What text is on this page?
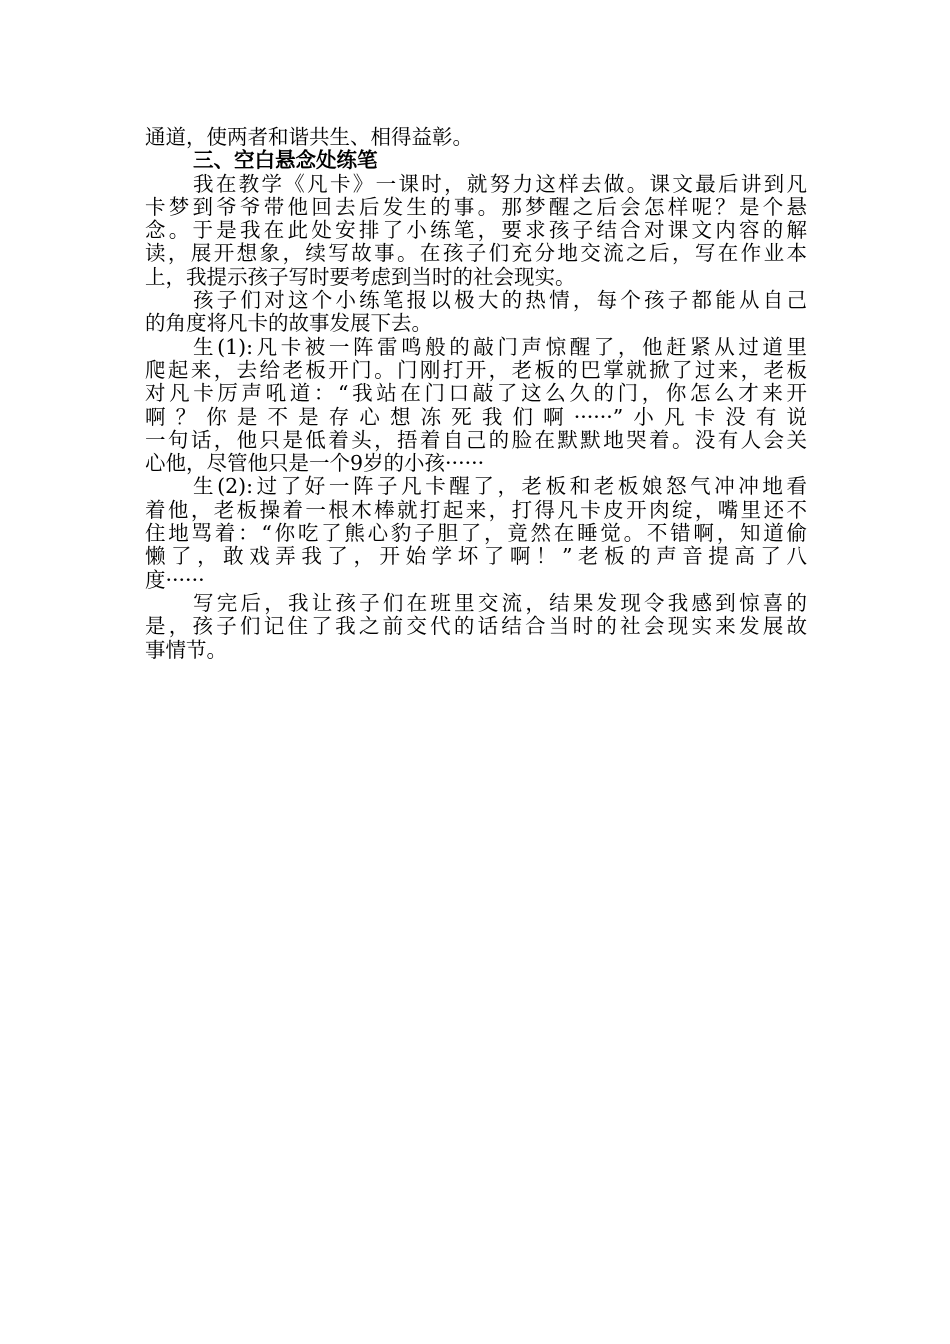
通道，使两者和谐共生、相得益彰。
三、空白悬念处练笔
我在教学《凡卡》一课时，就努力这样去做。课文最后讲到凡
卡梦到爷爷带他回去后发生的事。那梦醒之后会怎样呢？是个悬
念。于是我在此处安排了小练笔，要求孩子结合对课文内容的解
读，展开想象，续写故事。在孩子们充分地交流之后，写在作业本
上，我提示孩子写时要考虑到当时的社会现实。
孩子们对这个小练笔报以极大的热情，每个孩子都能从自己
的角度将凡卡的故事发展下去。
生(1):凡卡被一阵雷鸣般的敲门声惊醒了，他赶紧从过道里
爬起来，去给老板开门。门刚打开，老板的巴掌就掀了过来，老板
对凡卡厉声吼道：“我站在门口敲了这么久的门，你怎么才来开
啊？你是不是存心想冻死我们啊······”小凡卡没有说
一句话，他只是低着头，捂着自己的脸在默默地哭着。没有人会关
心他，尽管他只是一个9岁的小孩······
生(2):过了好一阵子凡卡醒了，老板和老板娘怒气冲冲地看
着他，老板操着一根木棒就打起来，打得凡卡皮开肉绽，嘴里还不
住地骂着：“你吃了熊心豹子胆了，竟然在睡觉。不错啊，知道偷
懒了，敢戏弄我了，开始学坏了啊！”老板的声音提高了八
度······
写完后，我让孩子们在班里交流，结果发现令我感到惊喜的
是，孩子们记住了我之前交代的话结合当时的社会现实来发展故
事情节。
